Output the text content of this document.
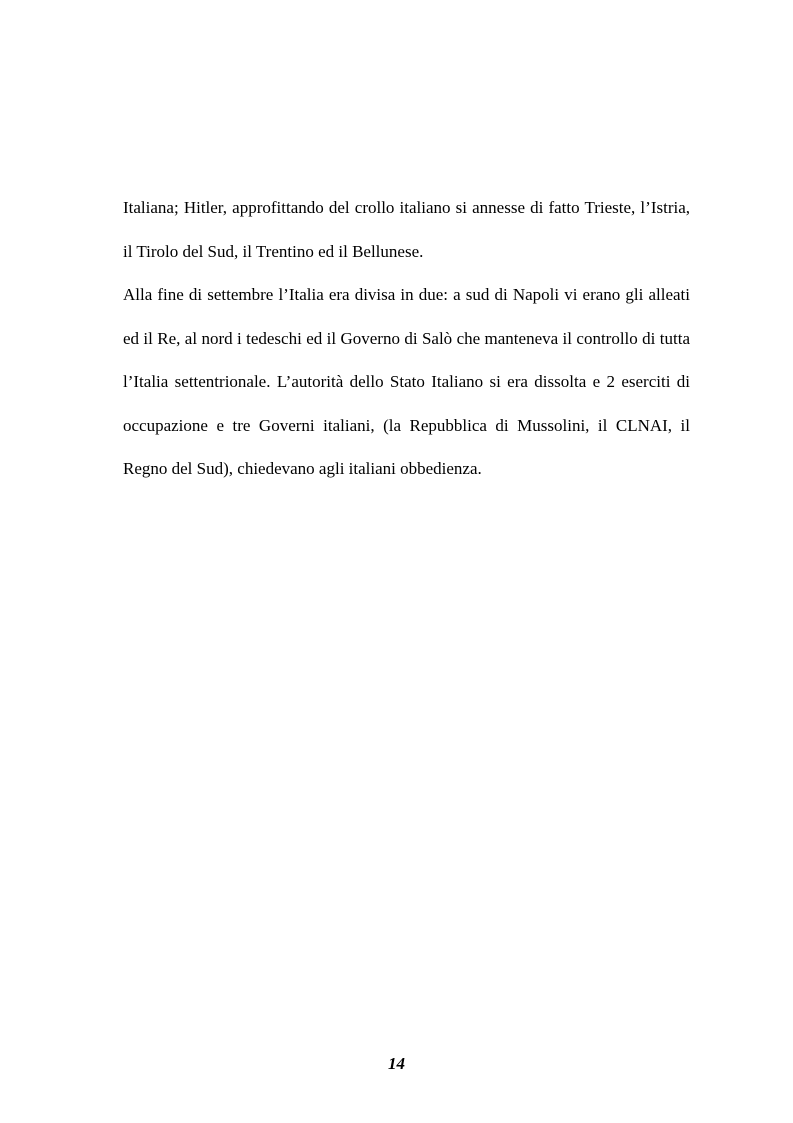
Italiana; Hitler, approfittando del crollo italiano si annesse di fatto Trieste, l’Istria, il Tirolo del Sud, il Trentino ed il Bellunese.

Alla fine di settembre l’Italia era divisa in due: a sud di Napoli vi erano gli alleati ed il Re, al nord i tedeschi ed il Governo di Salò che manteneva il controllo di tutta l’Italia settentrionale. L’autorità dello Stato Italiano si era dissolta e 2 eserciti di occupazione e tre Governi italiani, (la Repubblica di Mussolini, il CLNAI, il Regno del Sud), chiedevano agli italiani obbedienza.

14
